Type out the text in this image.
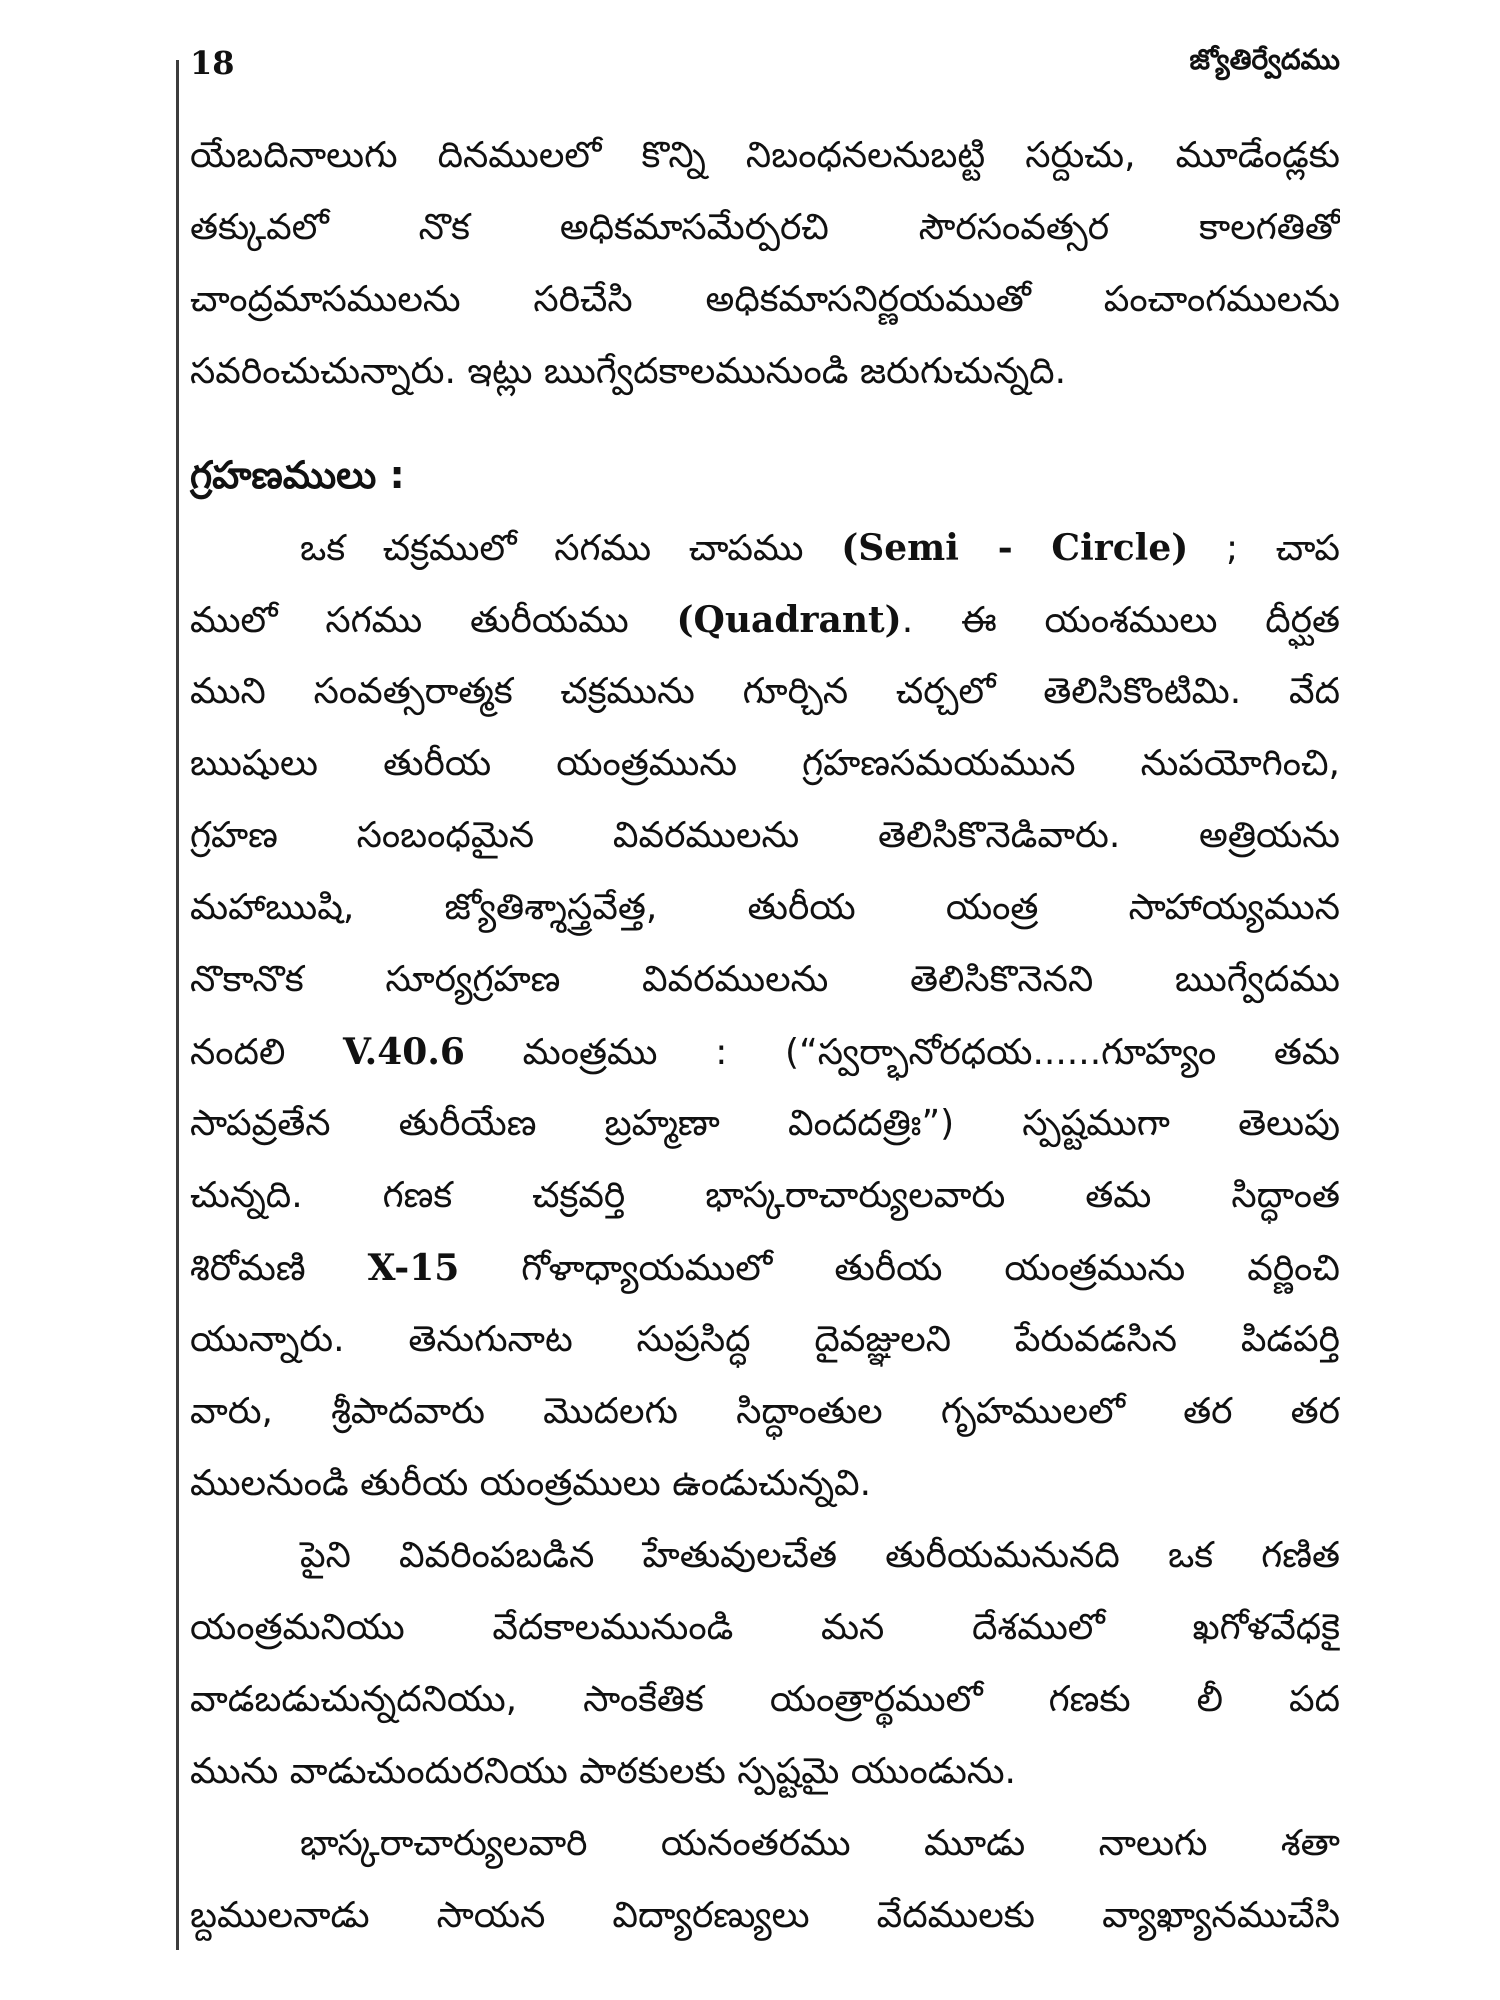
18	జ్యోతిర్వేదము
యేబదినాలుగు దినములలో కొన్ని నిబంధనలనుబట్టి సర్దుచు, మూడేండ్లకు
తక్కువలో నొక అధికమాసమేర్పరచి సౌరసంవత్సర కాలగతితో
చాంద్రమాసములను సరిచేసి అధికమాసనిర్ణయముతో పంచాంగములను
సవరించుచున్నారు. ఇట్లు ఋగ్వేదకాలమునుండి జరుగుచున్నది.
గ్రహణములు :
ఒక చక్రములో సగము చాపము (Semi - Circle) ; చాప
ములో సగము తురీయము (Quadrant). ఈ యంశములు దీర్ఘత
ముని సంవత్సరాత్మక చక్రమును గూర్చిన చర్చలో తెలిసికొంటిమి. వేద
ఋషులు తురీయ యంత్రమును గ్రహణసమయమున నుపయోగించి,
గ్రహణ సంబంధమైన వివరములను తెలిసికొనెడివారు. అత్రియను
మహాఋషి, జ్యోతిశ్శాస్త్రవేత్త, తురీయ యంత్ర సాహాయ్యమున
నొకానొక సూర్యగ్రహణ వివరములను తెలిసికొనెనని ఋగ్వేదము
నందలి V.40.6 మంత్రము : (“స్వర్భానోరధయ......గూహ్యం తమ
సాపవ్రతేన తురీయేణ బ్రహ్మణా విందదత్రిః”) స్పష్టముగా తెలుపు
చున్నది. గణక చక్రవర్తి భాస్కరాచార్యులవారు తమ సిద్ధాంత
శిరోమణి X-15 గోళాధ్యాయములో తురీయ యంత్రమును వర్ణించి
యున్నారు. తెనుగునాట సుప్రసిద్ధ దైవజ్ఞులని పేరువడసిన పిడపర్తి
వారు, శ్రీపాదవారు మొదలగు సిద్ధాంతుల గృహములలో తర తర
ములనుండి తురీయ యంత్రములు ఉండుచున్నవి.
పైని వివరింపబడిన హేతువులచేత తురీయమనునది ఒక గణిత
యంత్రమనియు వేదకాలమునుండి మన దేశములో ఖగోళవేధకై
వాడబడుచున్నదనియు, సాంకేతిక యంత్రార్థములో గణకు లీ పద
మును వాడుచుందురనియు పాఠకులకు స్పష్టమై యుండును.
భాస్కరాచార్యులవారి యనంతరము మూడు నాలుగు శతా
బ్దములనాడు సాయన విద్యారణ్యులు వేదములకు వ్యాఖ్యానముచేసి
